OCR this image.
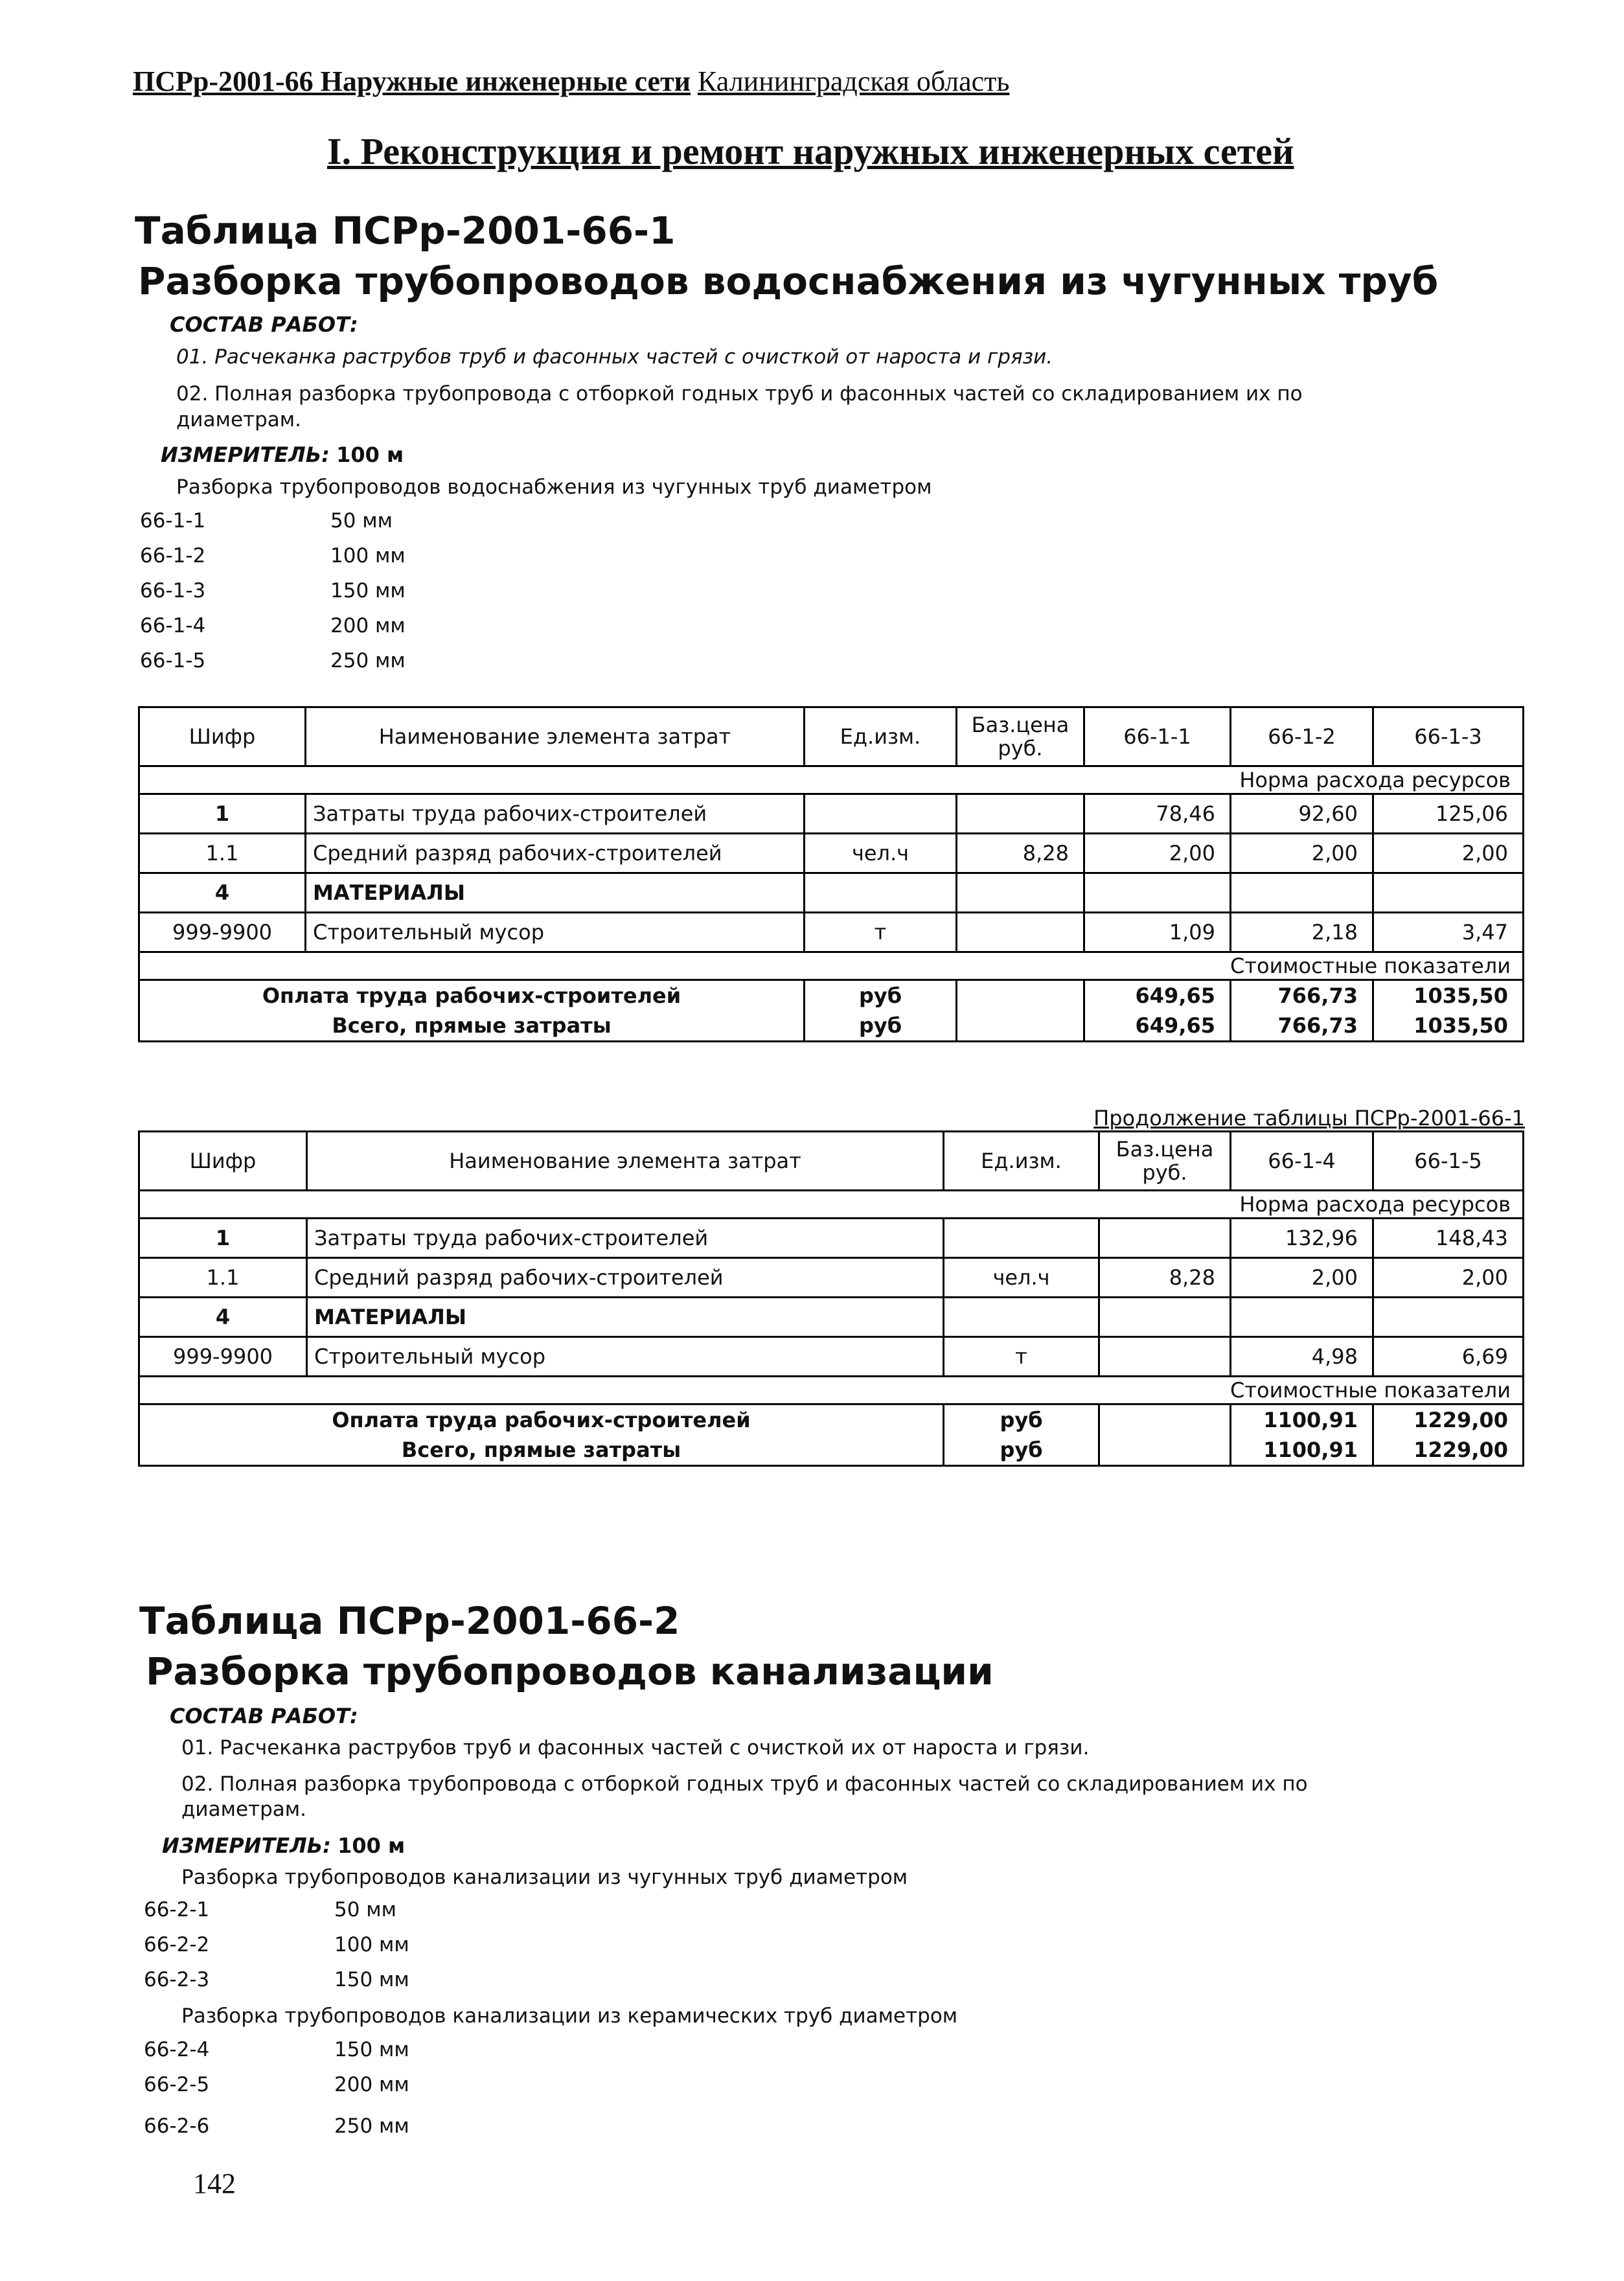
ПСРр-2001-66 Наружные инженерные сети Калининградская область
I. Реконструкция и ремонт наружных инженерных сетей
Таблица ПСРр-2001-66-1
Разборка трубопроводов водоснабжения из чугунных труб
СОСТАВ РАБОТ:
01. Расчеканка раструбов труб и фасонных частей с очисткой от нароста и грязи.
02. Полная разборка трубопровода с отборкой годных труб и фасонных частей со складированием их по
диаметрам.
ИЗМЕРИТЕЛЬ: 100 м
Разборка трубопроводов водоснабжения из чугунных труб диаметром
66-1-1	50 мм
66-1-2	100 мм
66-1-3	150 мм
66-1-4	200 мм
66-1-5	250 мм
Шифр	Наименование элемента затрат	Ед.изм.	Баз.цена руб.	66-1-1	66-1-2	66-1-3
Норма расхода ресурсов						
1	Затраты труда рабочих-строителей			78,46	92,60	125,06
1.1	Средний разряд рабочих-строителей	чел.ч	8,28	2,00	2,00	2,00
4	МАТЕРИАЛЫ					
999-9900	Строительный мусор	т		1,09	2,18	3,47
Стоимостные показатели						
Оплата труда рабочих-строителей		руб		649,65	766,73	1035,50
Всего, прямые затраты		руб		649,65	766,73	1035,50
Продолжение таблицы ПСРр-2001-66-1
Шифр	Наименование элемента затрат	Ед.изм.	Баз.цена руб.	66-1-4	66-1-5
Норма расхода ресурсов					
1	Затраты труда рабочих-строителей			132,96	148,43
1.1	Средний разряд рабочих-строителей	чел.ч	8,28	2,00	2,00
4	МАТЕРИАЛЫ				
999-9900	Строительный мусор	т		4,98	6,69
Стоимостные показатели					
Оплата труда рабочих-строителей		руб		1100,91	1229,00
Всего, прямые затраты		руб		1100,91	1229,00
Таблица ПСРр-2001-66-2
Разборка трубопроводов канализации
СОСТАВ РАБОТ:
01. Расчеканка раструбов труб и фасонных частей с очисткой их от нароста и грязи.
02. Полная разборка трубопровода с отборкой годных труб и фасонных частей со складированием их по
диаметрам.
ИЗМЕРИТЕЛЬ: 100 м
Разборка трубопроводов канализации из чугунных труб диаметром
66-2-1	50 мм
66-2-2	100 мм
66-2-3	150 мм
Разборка трубопроводов канализации из керамических труб диаметром
66-2-4	150 мм
66-2-5	200 мм
66-2-6	250 мм
142
